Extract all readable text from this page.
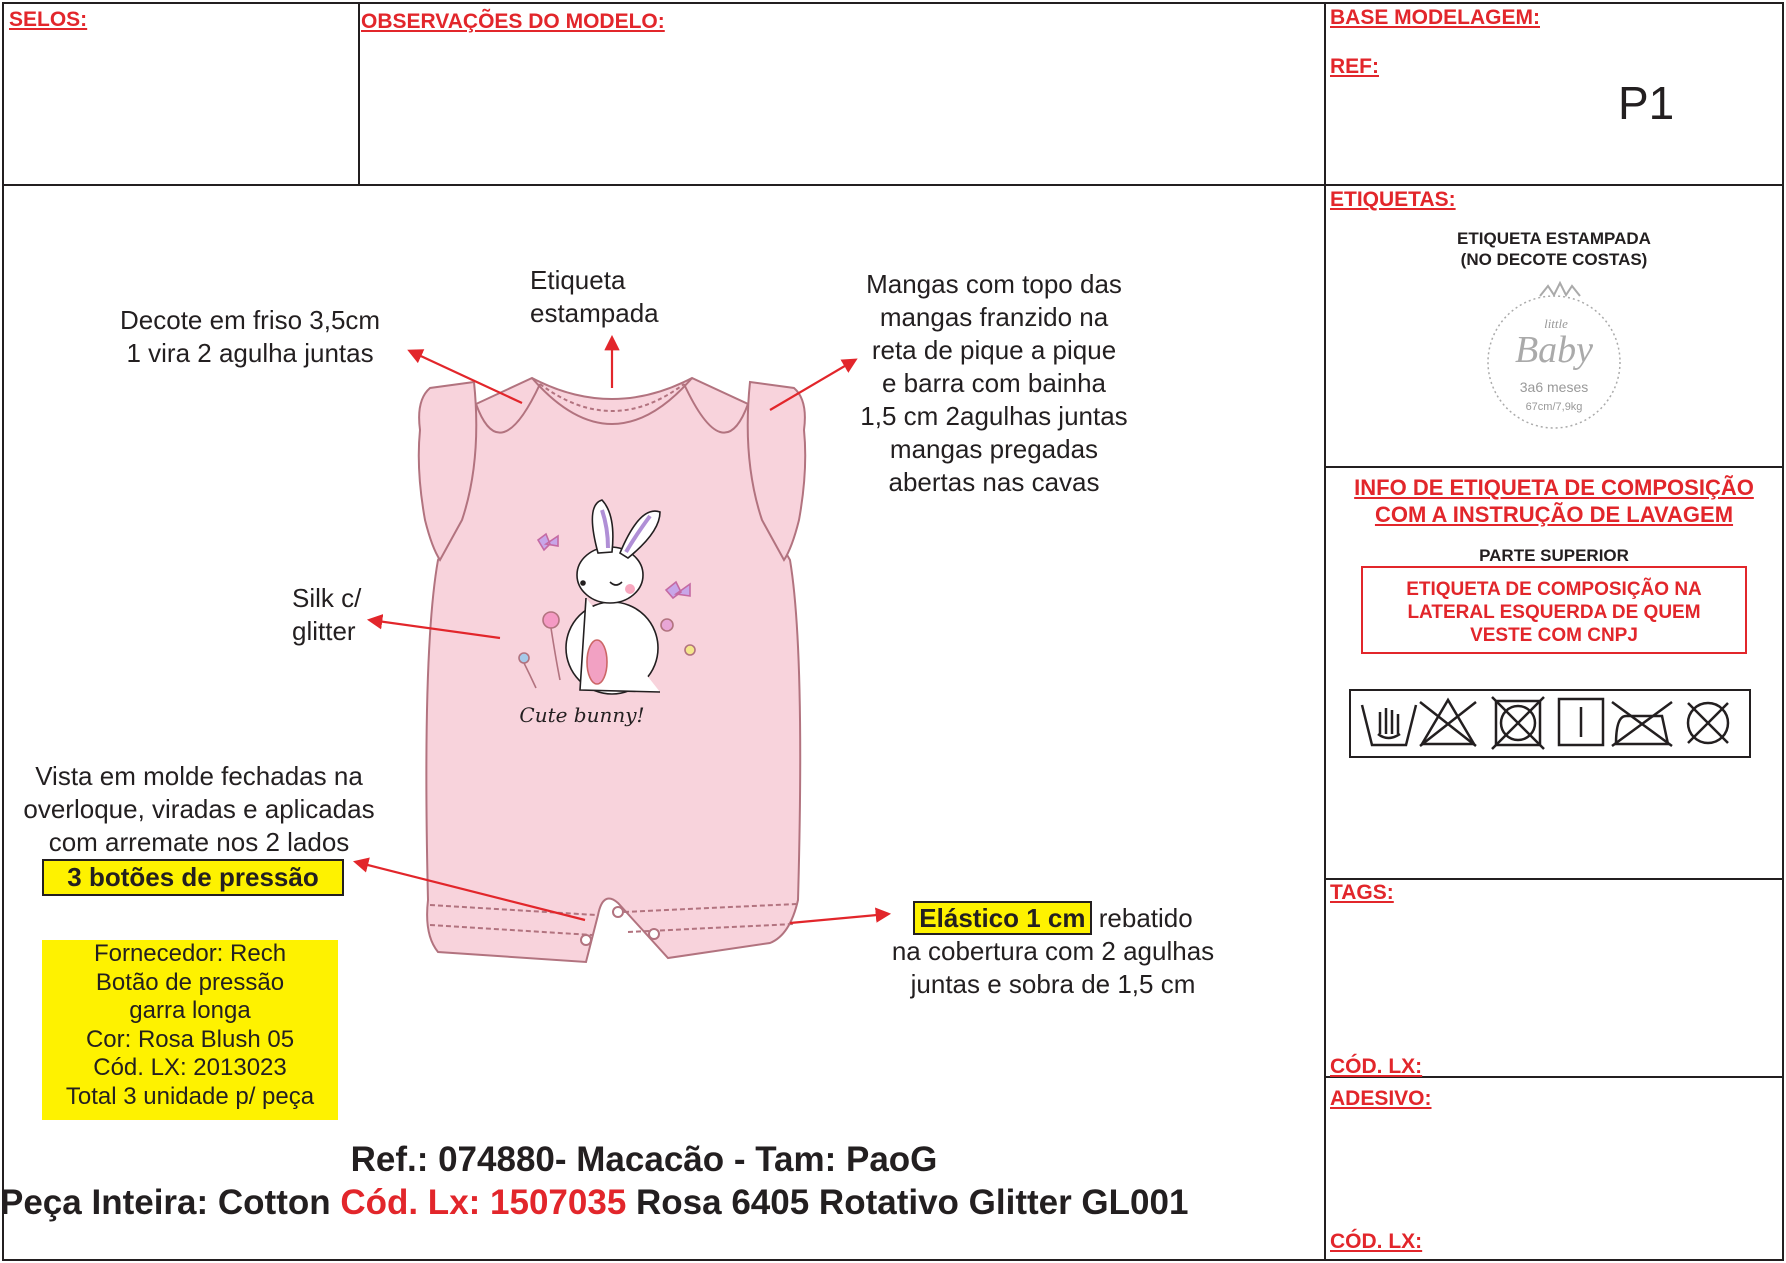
SELOS:	OBSERVAÇÕES DO MODELO:	BASE MODELAGEM:
REF:
P1
ETIQUETAS:
ETIQUETA ESTAMPADA
(NO DECOTE COSTAS)
INFO DE ETIQUETA DE COMPOSIÇÃO
COM A INSTRUÇÃO DE LAVAGEM
PARTE SUPERIOR
ETIQUETA DE COMPOSIÇÃO NA
LATERAL ESQUERDA DE QUEM
VESTE COM CNPJ
TAGS:
CÓD. LX:
ADESIVO:
CÓD. LX:
little
Baby
3a6 meses
67cm/7,9kg
Cute bunny!
Decote em friso 3,5cm
1 vira 2 agulha juntas
Etiqueta
estampada
Mangas com topo das
mangas franzido na
reta de pique a pique
e barra com bainha
1,5 cm 2agulhas juntas
mangas pregadas
abertas nas cavas
Silk c/
glitter
Vista em molde fechadas na
overloque, viradas e aplicadas
com arremate nos 2 lados
3 botões de pressão
Elástico 1 cm rebatido
na cobertura com 2 agulhas
juntas e sobra de 1,5 cm
Fornecedor: Rech
Botão de pressão
garra longa
Cor: Rosa Blush 05
Cód. LX: 2013023
Total 3 unidade p/ peça
Ref.: 074880- Macacão - Tam: PaoG
Peça Inteira: Cotton Cód. Lx: 1507035 Rosa 6405 Rotativo Glitter GL001
